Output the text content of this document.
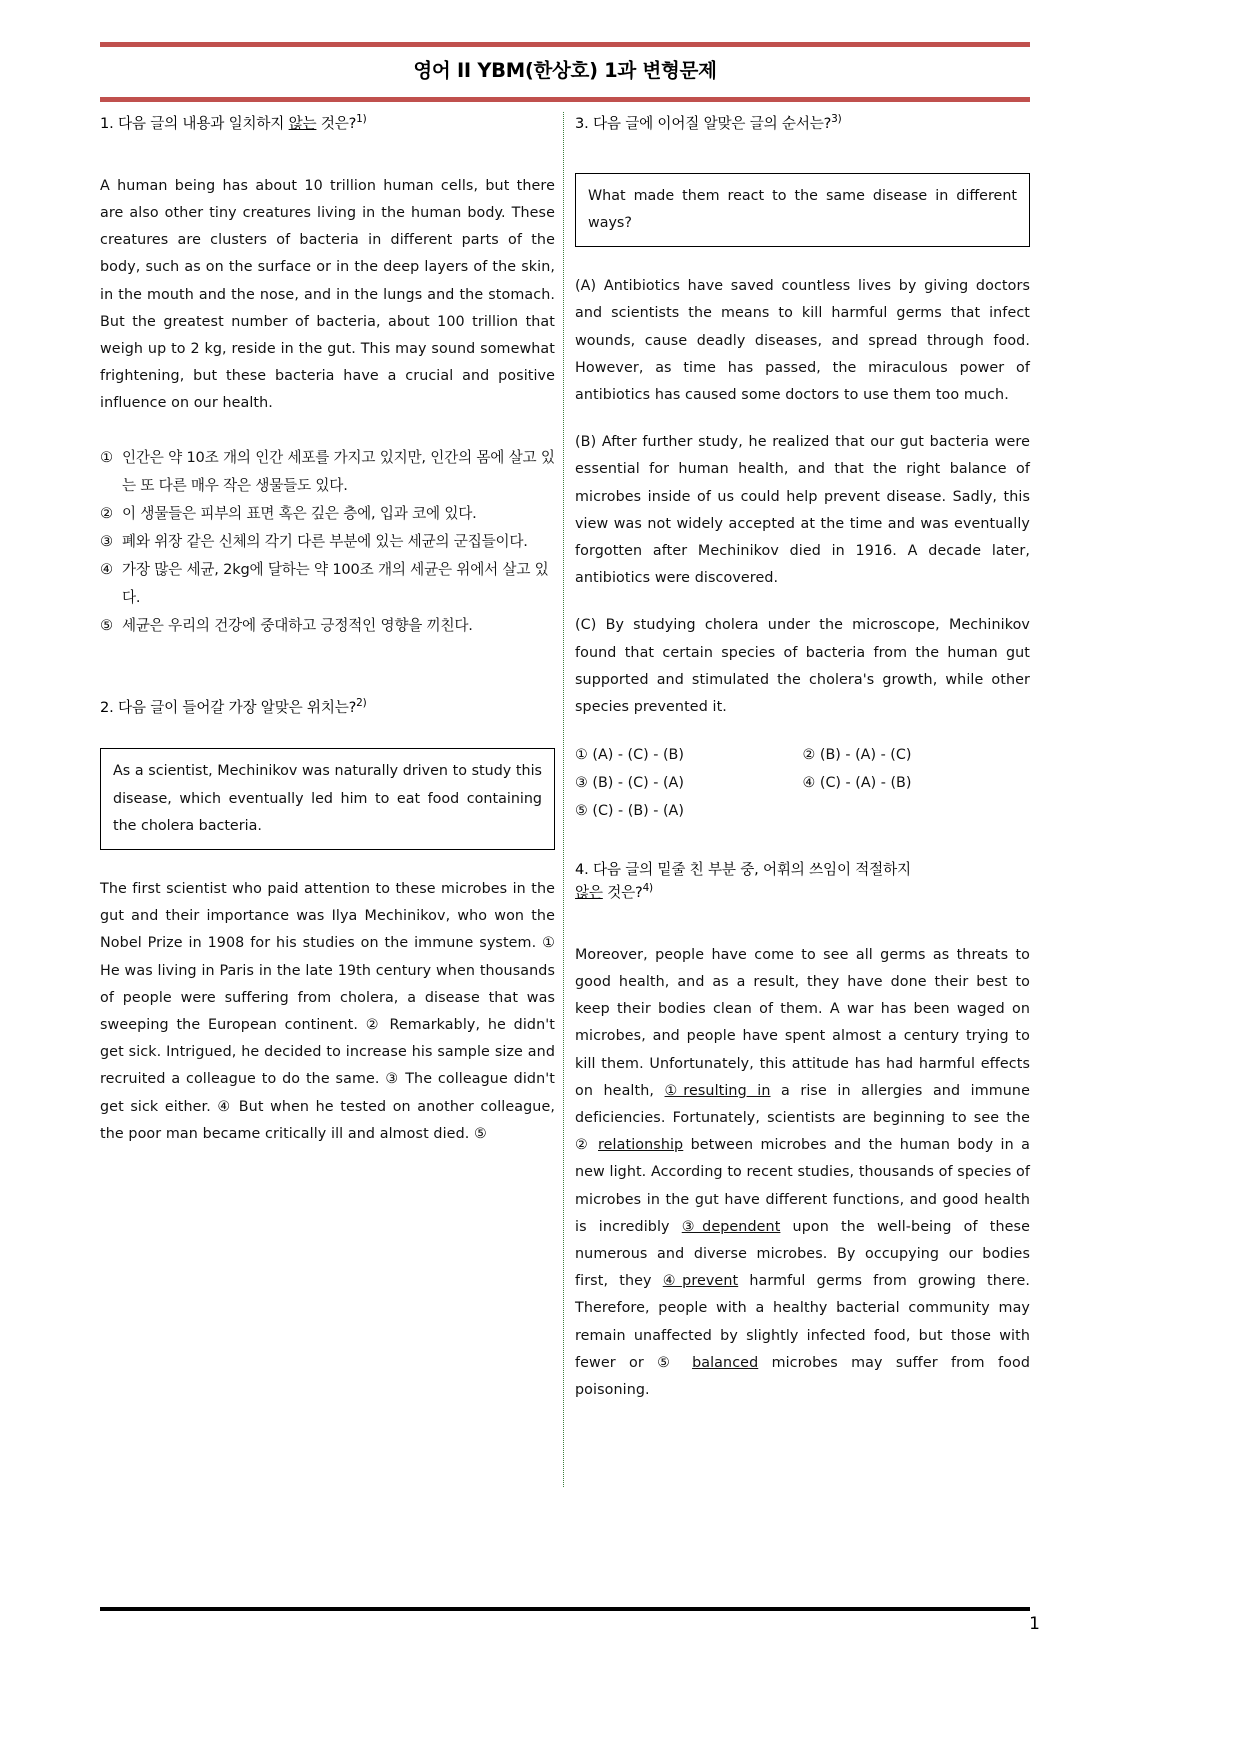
영어 II YBM(한상호) 1과 변형문제
1. 다음 글의 내용과 일치하지 않는 것은?$^{1)}$
A human being has about 10 trillion human cells, but there are also other tiny creatures living in the human body. These creatures are clusters of bacteria in different parts of the body, such as on the surface or in the deep layers of the skin, in the mouth and the nose, and in the lungs and the stomach. But the greatest number of bacteria, about 100 trillion that weigh up to 2 kg, reside in the gut. This may sound somewhat frightening, but these bacteria have a crucial and positive influence on our health.
① 인간은 약 10조 개의 인간 세포를 가지고 있지만, 인간의 몸에 살고 있는 또 다른 매우 작은 생물들도 있다.
② 이 생물들은 피부의 표면 혹은 깊은 층에, 입과 코에 있다.
③ 폐와 위장 같은 신체의 각기 다른 부분에 있는 세균의 군집들이다.
④ 가장 많은 세균, 2kg에 달하는 약 100조 개의 세균은 위에서 살고 있다.
⑤ 세균은 우리의 건강에 중대하고 긍정적인 영향을 끼친다.
2. 다음 글이 들어갈 가장 알맞은 위치는?$^{2)}$
As a scientist, Mechinikov was naturally driven to study this disease, which eventually led him to eat food containing the cholera bacteria.
The first scientist who paid attention to these microbes in the gut and their importance was Ilya Mechinikov, who won the Nobel Prize in 1908 for his studies on the immune system. ① He was living in Paris in the late 19th century when thousands of people were suffering from cholera, a disease that was sweeping the European continent. ② Remarkably, he didn't get sick. Intrigued, he decided to increase his sample size and recruited a colleague to do the same. ③ The colleague didn't get sick either. ④ But when he tested on another colleague, the poor man became critically ill and almost died. ⑤
3. 다음 글에 이어질 알맞은 글의 순서는?$^{3)}$
What made them react to the same disease in different ways?
(A) Antibiotics have saved countless lives by giving doctors and scientists the means to kill harmful germs that infect wounds, cause deadly diseases, and spread through food. However, as time has passed, the miraculous power of antibiotics has caused some doctors to use them too much.
(B) After further study, he realized that our gut bacteria were essential for human health, and that the right balance of microbes inside of us could help prevent disease. Sadly, this view was not widely accepted at the time and was eventually forgotten after Mechinikov died in 1916. A decade later, antibiotics were discovered.
(C) By studying cholera under the microscope, Mechinikov found that certain species of bacteria from the human gut supported and stimulated the cholera's growth, while other species prevented it.
① (A) - (C) - (B)	② (B) - (A) - (C)
③ (B) - (C) - (A)	④ (C) - (A) - (B)
⑤ (C) - (B) - (A)
4. 다음 글의 밑줄 친 부분 중, 어휘의 쓰임이 적절하지
않은 것은?$^{4)}$
Moreover, people have come to see all germs as threats to good health, and as a result, they have done their best to keep their bodies clean of them. A war has been waged on microbes, and people have spent almost a century trying to kill them. Unfortunately, this attitude has had harmful effects on health, ①resulting in a rise in allergies and immune deficiencies. Fortunately, scientists are beginning to see the ② relationship between microbes and the human body in a new light. According to recent studies, thousands of species of microbes in the gut have different functions, and good health is incredibly ③dependent upon the well-being of these numerous and diverse microbes. By occupying our bodies first, they ④prevent harmful germs from growing there. Therefore, people with a healthy bacterial community may remain unaffected by slightly infected food, but those with fewer or ⑤ balanced microbes may suffer from food poisoning.
1
